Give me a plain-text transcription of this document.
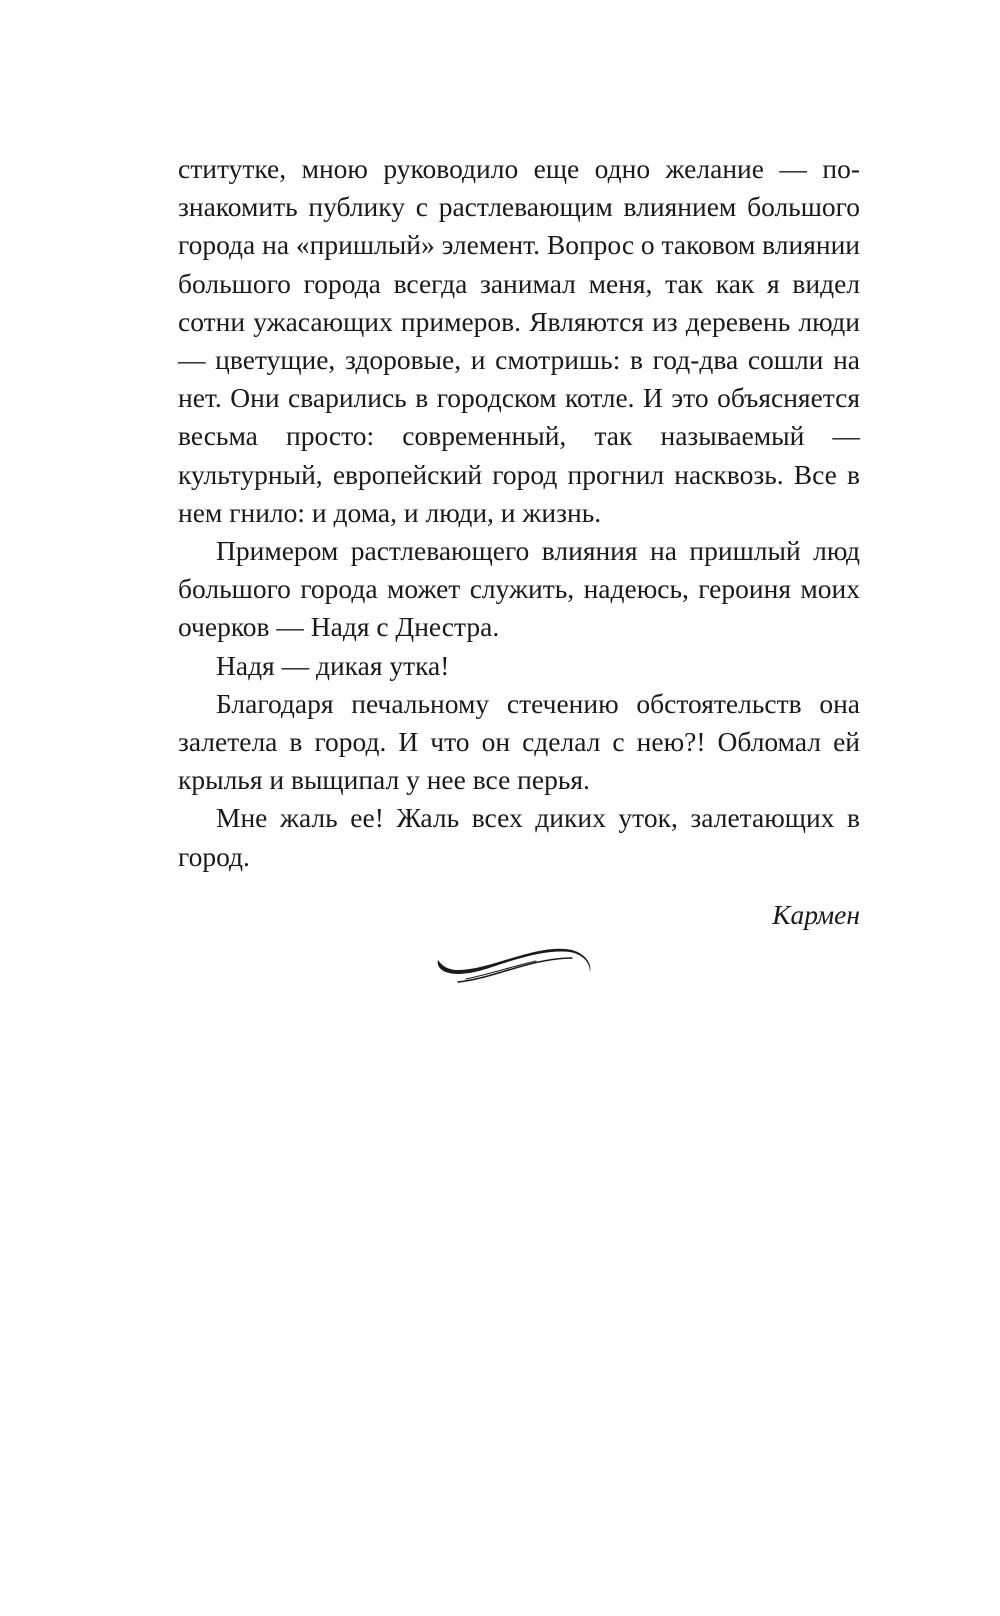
ститутке, мною руководило еще одно желание — познакомить публику с растлевающим влиянием большого города на «пришлый» элемент. Вопрос о таковом влиянии большого города всегда занимал меня, так как я видел сотни ужасающих примеров. Являются из деревень люди — цветущие, здоровые, и смотришь: в год-два сошли на нет. Они сварились в городском котле. И это объясняется весьма просто: современный, так называемый — культурный, европейский город прогнил насквозь. Все в нем гнило: и дома, и люди, и жизнь.

Примером растлевающего влияния на пришлый люд большого города может служить, надеюсь, героиня моих очерков — Надя с Днестра.

Надя — дикая утка!

Благодаря печальному стечению обстоятельств она залетела в город. И что он сделал с нею?! Обломал ей крылья и выщипал у нее все перья.

Мне жаль ее! Жаль всех диких уток, залетающих в город.

Кармен
